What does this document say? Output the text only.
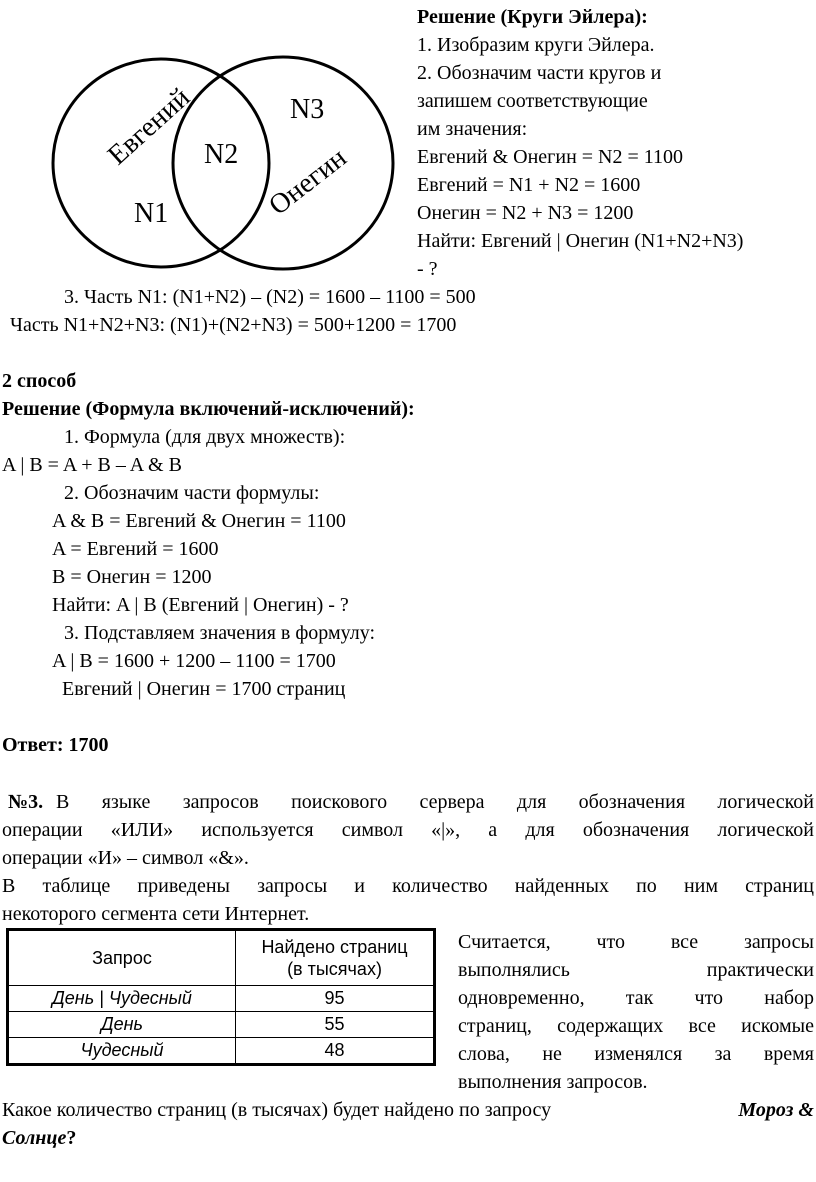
Евгений N2
N3
Онегин
N1
Решение (Круги Эйлера):
1. Изобразим круги Эйлера.
2. Обозначим части кругов и
запишем соответствующие
им значения:
Евгений & Онегин = N2 = 1100
Евгений = N1 + N2 = 1600
Онегин = N2 + N3 = 1200
Найти: Евгений | Онегин (N1+N2+N3)
- ?
3. Часть N1: (N1+N2) – (N2) = 1600 – 1100 = 500
Часть N1+N2+N3: (N1)+(N2+N3) = 500+1200 = 1700
2 способ
Решение (Формула включений-исключений):
1. Формула (для двух множеств):
A | B = A + B – A & B
2. Обозначим части формулы:
A & B = Евгений & Онегин = 1100
A = Евгений = 1600
B = Онегин = 1200
Найти: A | B (Евгений | Онегин) - ?
3. Подставляем значения в формулу:
A | B = 1600 + 1200 – 1100 = 1700
Евгений | Онегин = 1700 страниц
Ответ: 1700
№3. В языке запросов поискового сервера для обозначения логической
операции «ИЛИ» используется символ «|», а для обозначения логической
операции «И» – символ «&».
В таблице приведены запросы и количество найденных по ним страниц
некоторого сегмента сети Интернет.
Запрос	Найдено страниц
(в тысячах)

День | Чудесный	95
День	55
Чудесный	48
Считается, что все запросы
выполнялись практически
одновременно, так что набор
страниц, содержащих все искомые
слова, не изменялся за время
выполнения запросов.
Какое количество страниц (в тысячах) будет найдено по запросу	Мороз &
Солнце?
